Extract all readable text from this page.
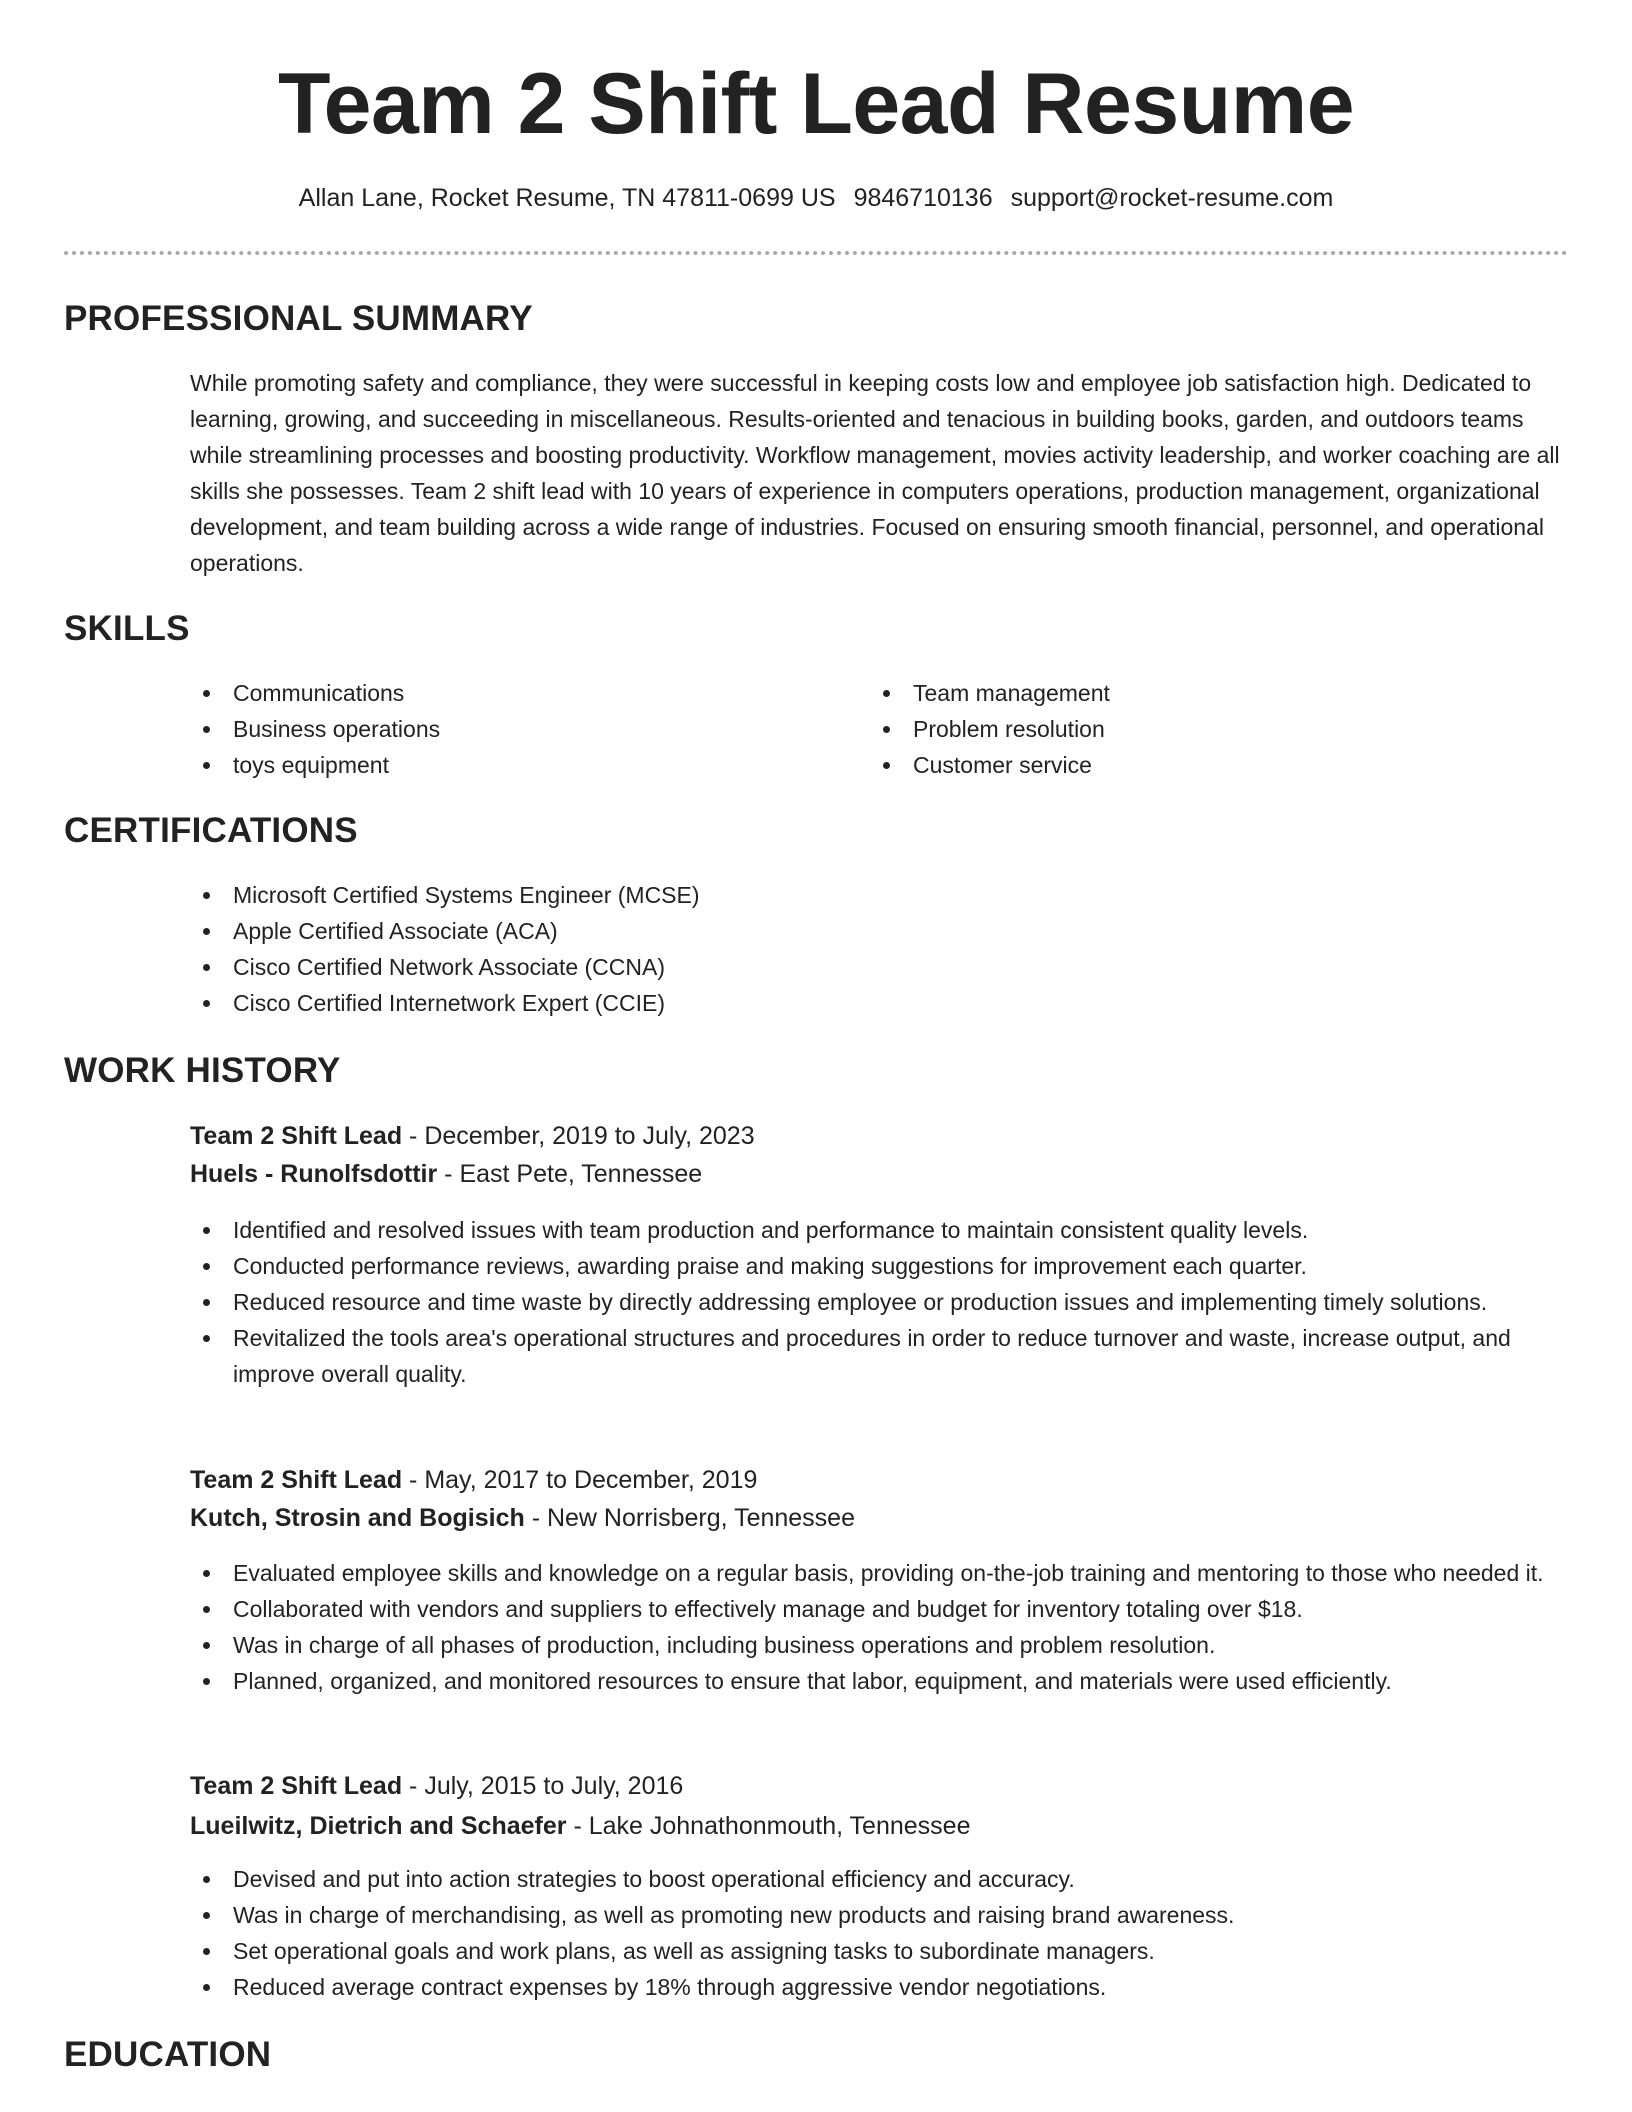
Team 2 Shift Lead Resume
Allan Lane, Rocket Resume, TN 47811-0699 US 9846710136 support@rocket-resume.com
PROFESSIONAL SUMMARY

While promoting safety and compliance, they were successful in keeping costs low and employee job satisfaction high. Dedicated to learning, growing, and succeeding in miscellaneous. Results-oriented and tenacious in building books, garden, and outdoors teams while streamlining processes and boosting productivity. Workflow management, movies activity leadership, and worker coaching are all skills she possesses. Team 2 shift lead with 10 years of experience in computers operations, production management, organizational development, and team building across a wide range of industries. Focused on ensuring smooth financial, personnel, and operational operations.

SKILLS
Communications
Business operations
toys equipment
Team management
Problem resolution
Customer service
CERTIFICATIONS
Microsoft Certified Systems Engineer (MCSE)
Apple Certified Associate (ACA)
Cisco Certified Network Associate (CCNA)
Cisco Certified Internetwork Expert (CCIE)
WORK HISTORY
Team 2 Shift Lead - December, 2019 to July, 2023
Huels - Runolfsdottir - East Pete, Tennessee
Identified and resolved issues with team production and performance to maintain consistent quality levels.
Conducted performance reviews, awarding praise and making suggestions for improvement each quarter.
Reduced resource and time waste by directly addressing employee or production issues and implementing timely solutions.
Revitalized the tools area's operational structures and procedures in order to reduce turnover and waste, increase output, and improve overall quality.
Team 2 Shift Lead - May, 2017 to December, 2019
Kutch, Strosin and Bogisich - New Norrisberg, Tennessee
Evaluated employee skills and knowledge on a regular basis, providing on-the-job training and mentoring to those who needed it.
Collaborated with vendors and suppliers to effectively manage and budget for inventory totaling over $18.
Was in charge of all phases of production, including business operations and problem resolution.
Planned, organized, and monitored resources to ensure that labor, equipment, and materials were used efficiently.
Team 2 Shift Lead - July, 2015 to July, 2016
Lueilwitz, Dietrich and Schaefer - Lake Johnathonmouth, Tennessee
Devised and put into action strategies to boost operational efficiency and accuracy.
Was in charge of merchandising, as well as promoting new products and raising brand awareness.
Set operational goals and work plans, as well as assigning tasks to subordinate managers.
Reduced average contract expenses by 18% through aggressive vendor negotiations.
EDUCATION
